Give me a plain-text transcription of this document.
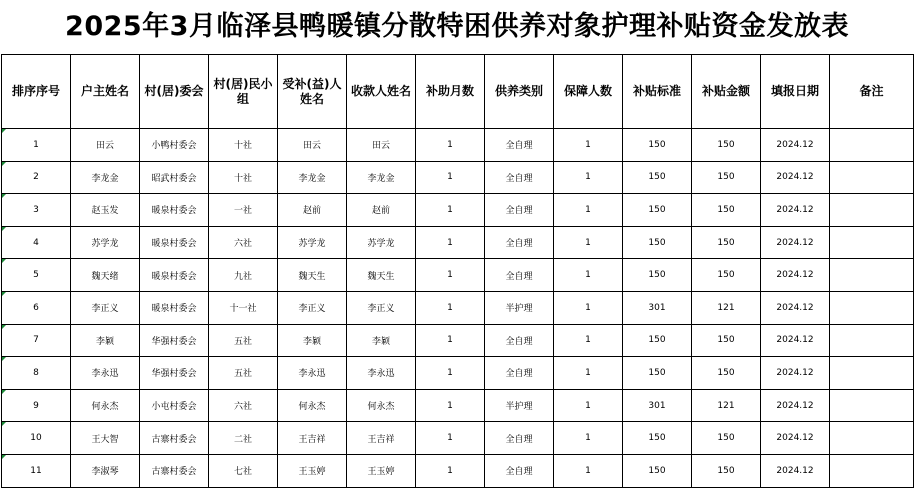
2025年3月临泽县鸭暖镇分散特困供养对象护理补贴资金发放表
排序序号	户主姓名	村(居)委会	村(居)民小组	受补(益)人姓名	收款人姓名	补助月数	供养类别	保障人数	补贴标准	补贴金额	填报日期	备注
1	田云	小鸭村委会	十社	田云	田云	1	全自理	1	150	150	2024.12	
2	李龙金	昭武村委会	十社	李龙金	李龙金	1	全自理	1	150	150	2024.12	
3	赵玉发	暖泉村委会	一社	赵前	赵前	1	全自理	1	150	150	2024.12	
4	苏学龙	暖泉村委会	六社	苏学龙	苏学龙	1	全自理	1	150	150	2024.12	
5	魏天绪	暖泉村委会	九社	魏天生	魏天生	1	全自理	1	150	150	2024.12	
6	李正义	暖泉村委会	十一社	李正义	李正义	1	半护理	1	301	121	2024.12	
7	李颖	华强村委会	五社	李颖	李颖	1	全自理	1	150	150	2024.12	
8	李永迅	华强村委会	五社	李永迅	李永迅	1	全自理	1	150	150	2024.12	
9	何永杰	小屯村委会	六社	何永杰	何永杰	1	半护理	1	301	121	2024.12	
10	王大智	古寨村委会	二社	王吉祥	王吉祥	1	全自理	1	150	150	2024.12	
11	李淑琴	古寨村委会	七社	王玉婷	王玉婷	1	全自理	1	150	150	2024.12	
